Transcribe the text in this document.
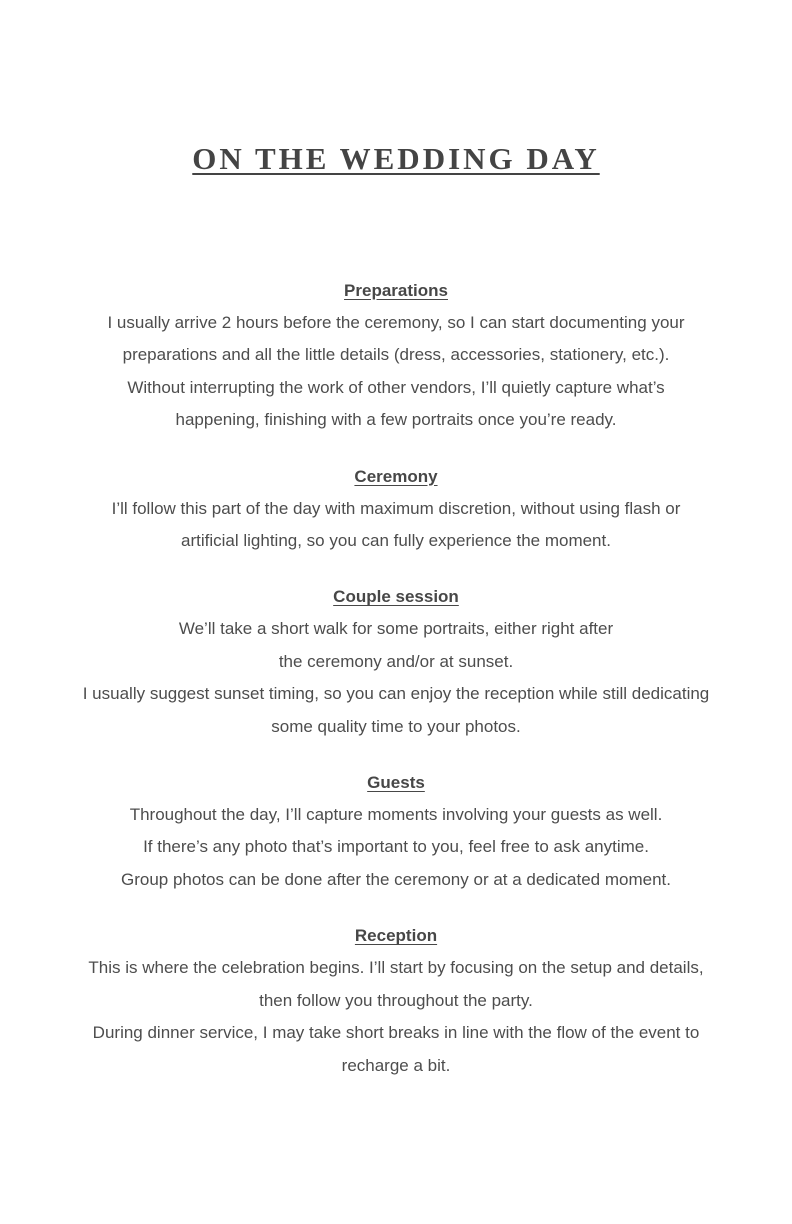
ON THE WEDDING DAY
Preparations
I usually arrive 2 hours before the ceremony, so I can start documenting your
preparations and all the little details (dress, accessories, stationery, etc.).
Without interrupting the work of other vendors, I’ll quietly capture what’s
happening, finishing with a few portraits once you’re ready.
Ceremony
I’ll follow this part of the day with maximum discretion, without using flash or
artificial lighting, so you can fully experience the moment.
Couple session
We’ll take a short walk for some portraits, either right after
the ceremony and/or at sunset.
I usually suggest sunset timing, so you can enjoy the reception while still dedicating
some quality time to your photos.
Guests
Throughout the day, I’ll capture moments involving your guests as well.
If there’s any photo that’s important to you, feel free to ask anytime.
Group photos can be done after the ceremony or at a dedicated moment.
Reception
This is where the celebration begins. I’ll start by focusing on the setup and details,
then follow you throughout the party.
During dinner service, I may take short breaks in line with the flow of the event to
recharge a bit.
